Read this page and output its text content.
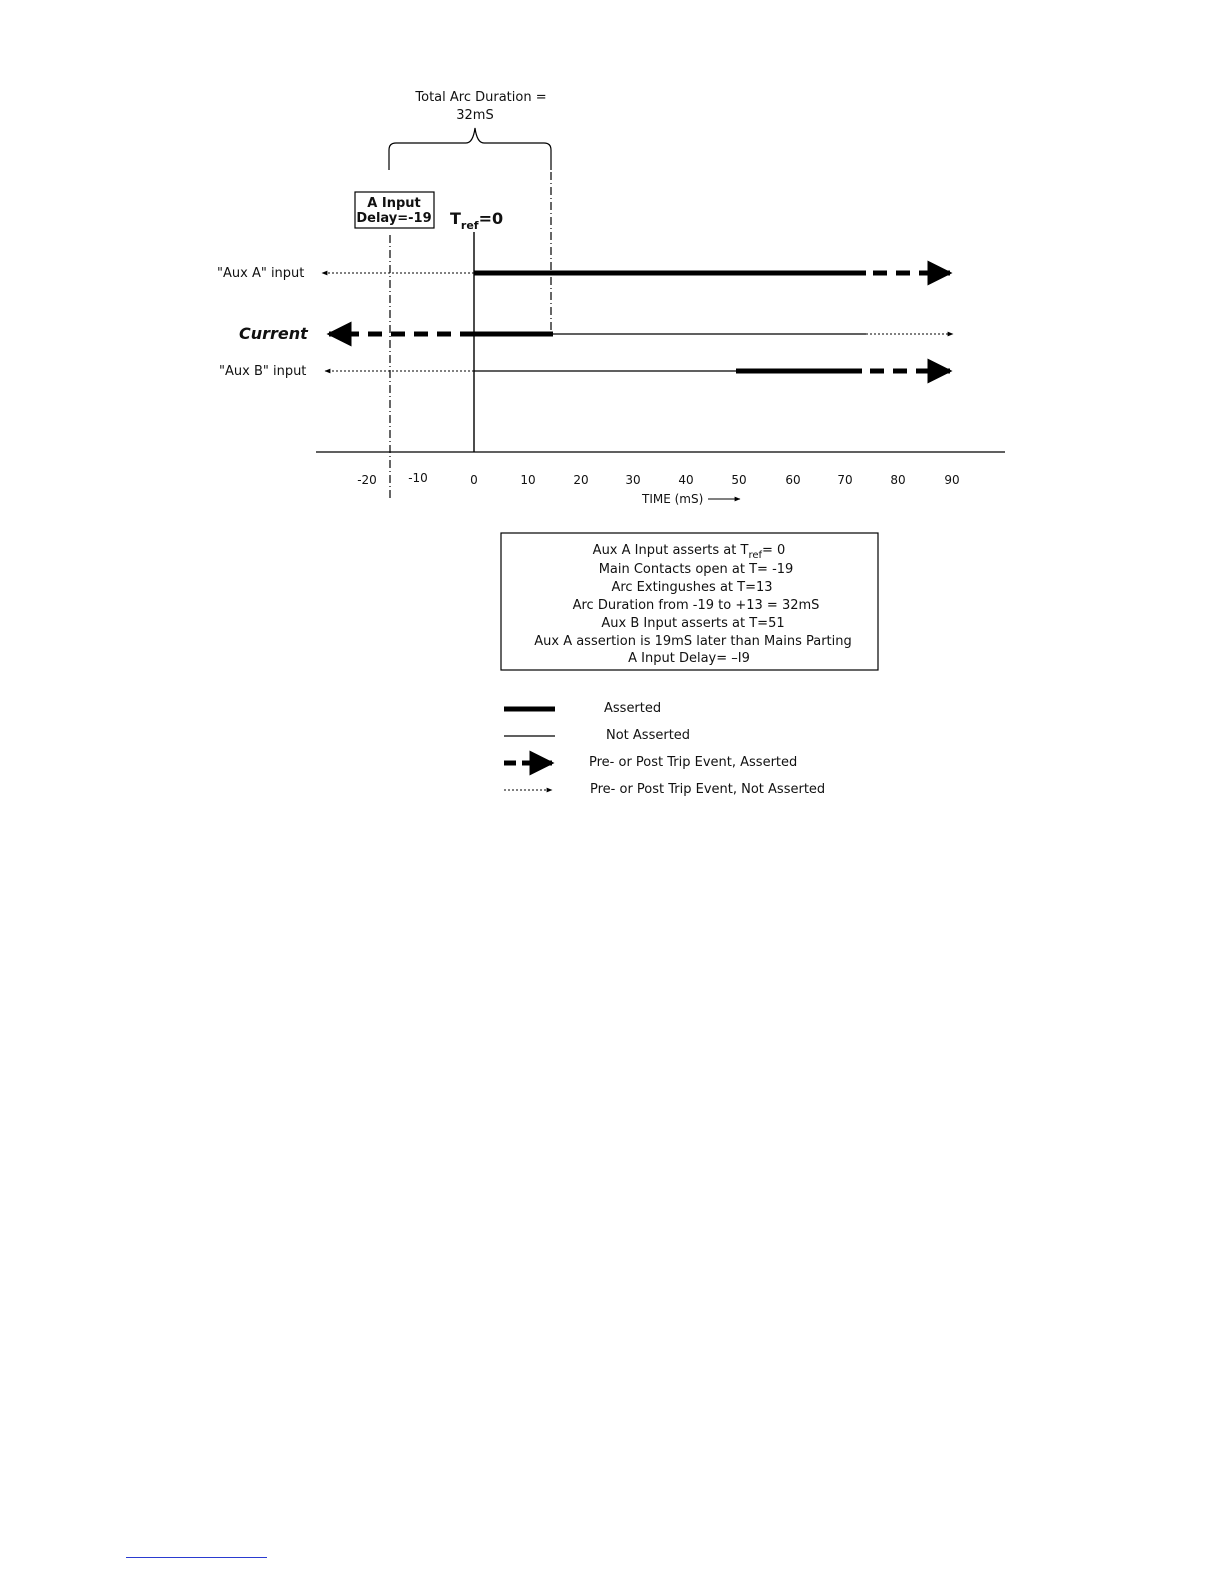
Total Arc Duration =
32mS
A Input
Delay=-19 $T_{ref}=0$
"Aux A" input
Current
"Aux B" input
-20	-10	0	10	20	30	40	50	60	70	80	90
TIME (mS)
Aux A Input asserts at $T_{ref}= 0$
Main Contacts open at T= -19
Arc Extingushes at T=13
Arc Duration from -19 to +13 = 32mS
Aux B Input asserts at T=51
Aux A assertion is 19mS later than Mains Parting
A Input Delay= –I9
Asserted
Not Asserted
Pre- or Post Trip Event, Asserted
Pre- or Post Trip Event, Not Asserted
